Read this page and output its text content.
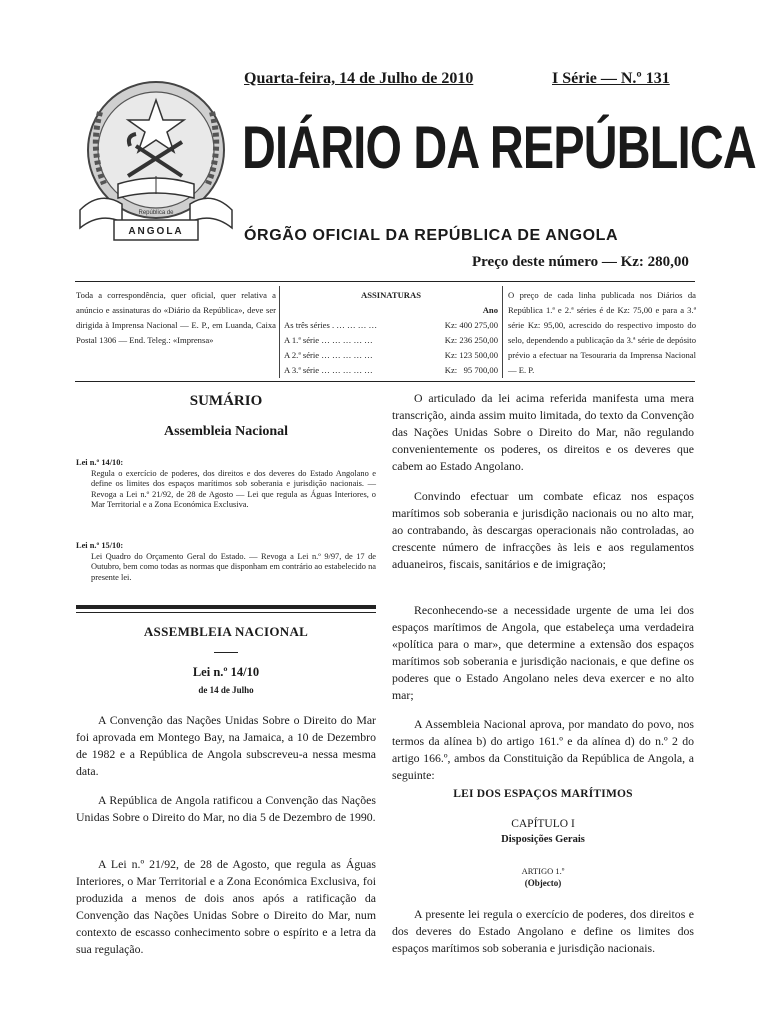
República de
ANGOLA
Quarta-feira, 14 de Julho de 2010	I Série — N.º 131
DIÁRIO DA REPÚBLICA
ÓRGÃO OFICIAL DA REPÚBLICA DE ANGOLA
Preço deste número — Kz: 280,00
Toda a correspondência, quer oficial, quer relativa a anúncio e assinaturas do «Diário da República», deve ser dirigida à Imprensa Nacional — E. P., em Luanda, Caixa Postal 1306 — End. Teleg.: «Imprensa»
ASSINATURAS
Ano
As três séries . … … … …	Kz: 400 275,00
A 1.ª série … … … … …	Kz: 236 250,00
A 2.ª série … … … … …	Kz: 123 500,00
A 3.ª série … … … … …	Kz:   95 700,00
O preço de cada linha publicada nos Diários da República 1.ª e 2.ª séries é de Kz: 75,00 e para a 3.ª série Kz: 95,00, acrescido do respectivo imposto do selo, dependendo a publicação da 3.ª série de depósito prévio a efectuar na Tesouraria da Imprensa Nacional — E. P.
SUMÁRIO
Assembleia Nacional
Lei n.º 14/10:
Regula o exercício de poderes, dos direitos e dos deveres do Estado Angolano e define os limites dos espaços marítimos sob soberania e jurisdição nacionais. — Revoga a Lei n.º 21/92, de 28 de Agosto — Lei que regula as Águas Interiores, o Mar Territorial e a Zona Económica Exclusiva.
Lei n.º 15/10:
Lei Quadro do Orçamento Geral do Estado. — Revoga a Lei n.º 9/97, de 17 de Outubro, bem como todas as normas que disponham em contrário ao estabelecido na presente lei.
ASSEMBLEIA NACIONAL
Lei n.º 14/10
de 14 de Julho
A Convenção das Nações Unidas Sobre o Direito do Mar foi aprovada em Montego Bay, na Jamaica, a 10 de Dezembro de 1982 e a República de Angola subscreveu-a nessa mesma data.
A República de Angola ratificou a Convenção das Nações Unidas Sobre o Direito do Mar, no dia 5 de Dezembro de 1990.
A Lei n.º 21/92, de 28 de Agosto, que regula as Águas Interiores, o Mar Territorial e a Zona Económica Exclusiva, foi produzida a menos de dois anos após a ratificação da Convenção das Nações Unidas Sobre o Direito do Mar, num contexto de escasso conhecimento sobre o espírito e a letra da sua regulação.
O articulado da lei acima referida manifesta uma mera transcrição, ainda assim muito limitada, do texto da Convenção das Nações Unidas Sobre o Direito do Mar, não regulando convenientemente os poderes, os direitos e os deveres que cabem ao Estado Angolano.
Convindo efectuar um combate eficaz nos espaços marítimos sob soberania e jurisdição nacionais ou no alto mar, ao contrabando, às descargas operacionais não controladas, ao crescente número de infracções às leis e aos regulamentos aduaneiros, fiscais, sanitários e de imigração;
Reconhecendo-se a necessidade urgente de uma lei dos espaços marítimos de Angola, que estabeleça uma verdadeira «política para o mar», que determine a extensão dos espaços marítimos sob soberania e jurisdição nacionais, e que define os poderes que o Estado Angolano neles deva exercer e no alto mar;
A Assembleia Nacional aprova, por mandato do povo, nos termos da alínea b) do artigo 161.º e da alínea d) do n.º 2 do artigo 166.º, ambos da Constituição da República de Angola, a seguinte:
LEI DOS ESPAÇOS MARÍTIMOS
CAPÍTULO I
Disposições Gerais
ARTIGO 1.º
(Objecto)
A presente lei regula o exercício de poderes, dos direitos e dos deveres do Estado Angolano e define os limites dos espaços marítimos sob soberania e jurisdição nacionais.
